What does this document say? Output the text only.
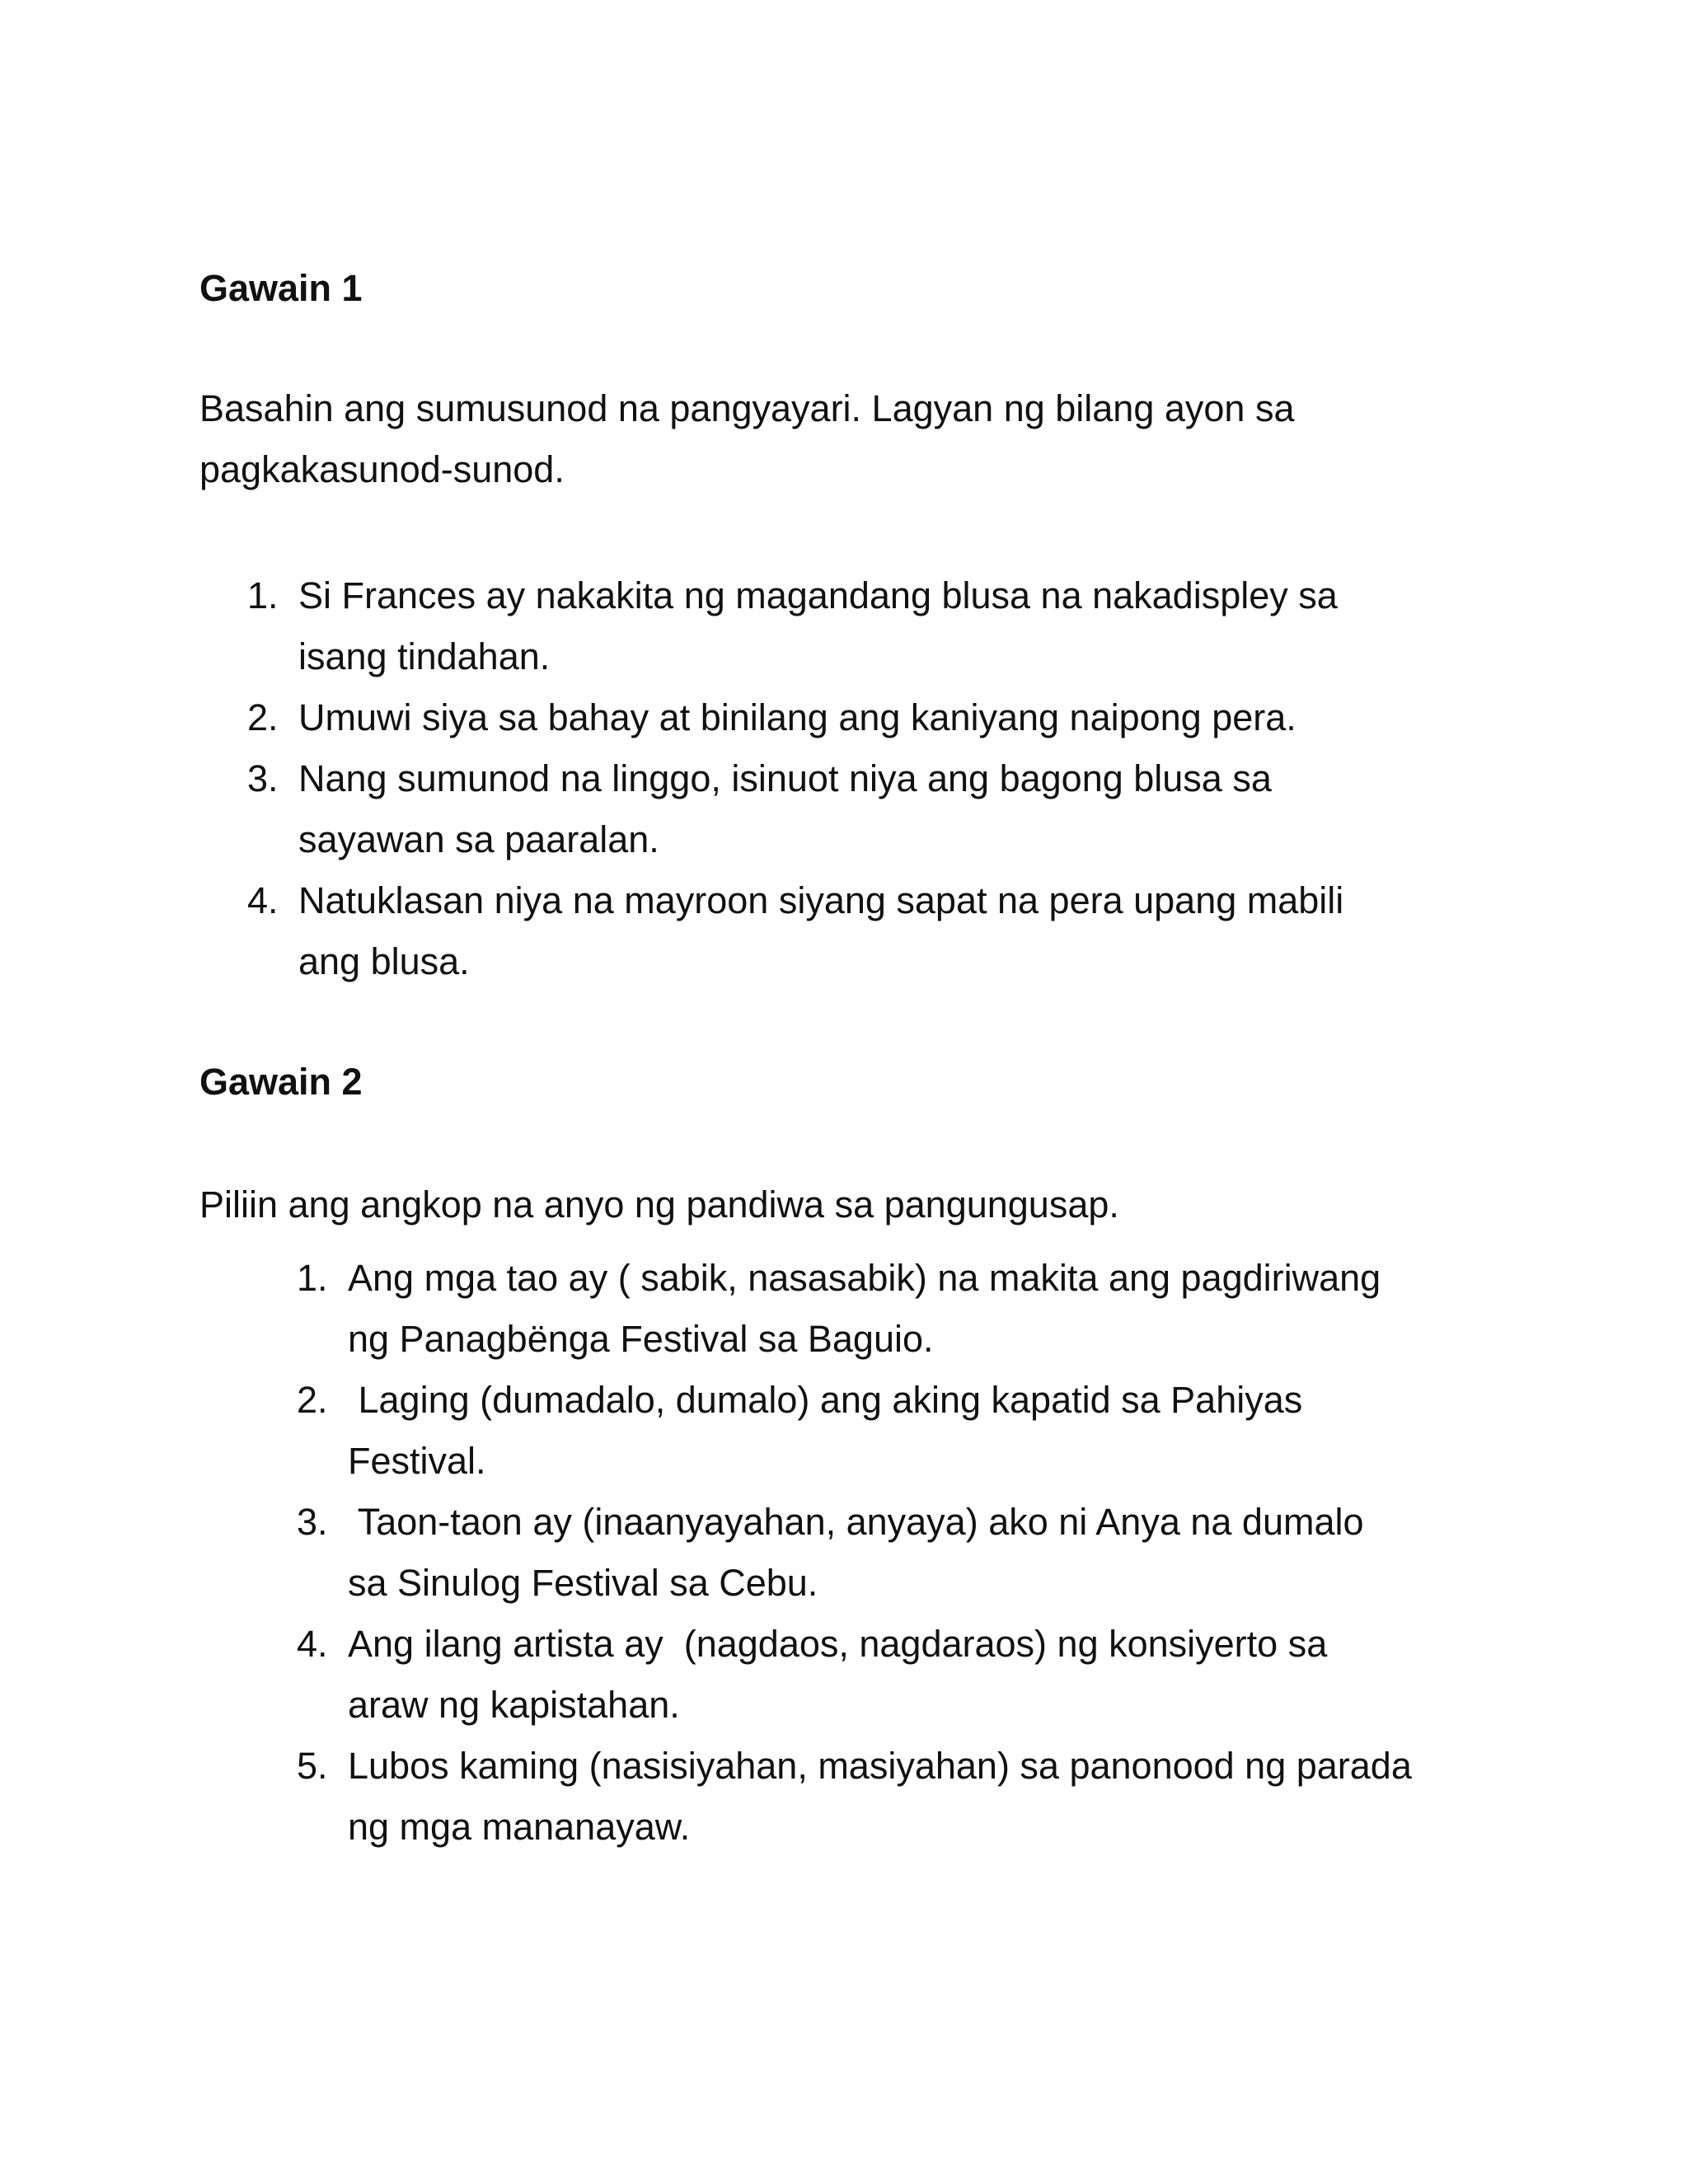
Gawain 1

Basahin ang sumusunod na pangyayari. Lagyan ng bilang ayon sa
pagkakasunod-sunod.

1. Si Frances ay nakakita ng magandang blusa na nakadispley sa
isang tindahan.
2. Umuwi siya sa bahay at binilang ang kaniyang naipong pera.
3. Nang sumunod na linggo, isinuot niya ang bagong blusa sa
sayawan sa paaralan.
4. Natuklasan niya na mayroon siyang sapat na pera upang mabili
ang blusa.
Gawain 2

Piliin ang angkop na anyo ng pandiwa sa pangungusap.

1. Ang mga tao ay ( sabik, nasasabik) na makita ang pagdiriwang
ng Panagbënga Festival sa Baguio.
2. Laging (dumadalo, dumalo) ang aking kapatid sa Pahiyas
Festival.
3. Taon-taon ay (inaanyayahan, anyaya) ako ni Anya na dumalo
sa Sinulog Festival sa Cebu.
4. Ang ilang artista ay  (nagdaos, nagdaraos) ng konsiyerto sa
araw ng kapistahan.
5. Lubos kaming (nasisiyahan, masiyahan) sa panonood ng parada
ng mga mananayaw.
